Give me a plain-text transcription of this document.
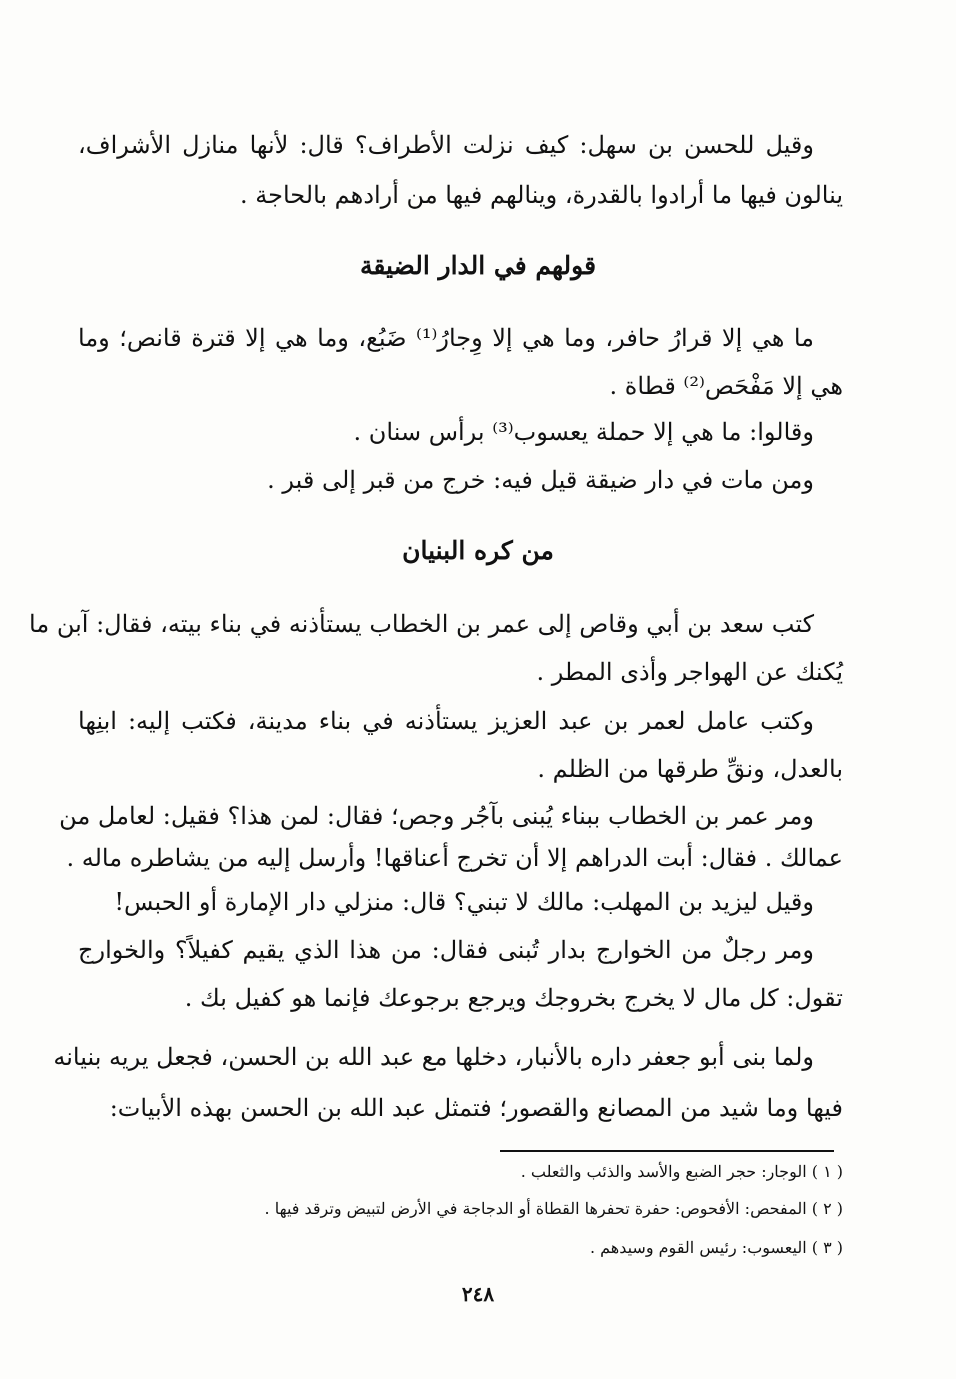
وقيل للحسن بن سهل: كيف نزلت الأطراف؟ قال: لأنها منازل الأشراف،
ينالون فيها ما أرادوا بالقدرة، وينالهم فيها من أرادهم بالحاجة .
قولهم في الدار الضيقة
ما هي إلا قرارُ حافر، وما هي إلا وِجارُ⁽¹⁾ ضَبُع، وما هي إلا قترة قانص؛ وما
هي إلا مَفْحَص⁽²⁾ قطاة .
وقالوا: ما هي إلا حملة يعسوب⁽³⁾ برأس سنان .
ومن مات في دار ضيقة قيل فيه: خرج من قبر إلى قبر .
من كره البنيان
كتب سعد بن أبي وقاص إلى عمر بن الخطاب يستأذنه في بناء بيته، فقال: آبن ما
يُكنك عن الهواجر وأذى المطر .
وكتب عامل لعمر بن عبد العزيز يستأذنه في بناء مدينة، فكتب إليه: ابنِها
بالعدل، ونقِّ طرقها من الظلم .
ومر عمر بن الخطاب ببناء يُبنى بآجُر وجص؛ فقال: لمن هذا؟ فقيل: لعامل من
عمالك . فقال: أبت الدراهم إلا أن تخرج أعناقها! وأرسل إليه من يشاطره ماله .
وقيل ليزيد بن المهلب: مالك لا تبني؟ قال: منزلي دار الإمارة أو الحبس!
ومر رجلٌ من الخوارج بدار تُبنى فقال: من هذا الذي يقيم كفيلاً؟ والخوارج
تقول: كل مال لا يخرج بخروجك ويرجع برجوعك فإنما هو كفيل بك .
ولما بنى أبو جعفر داره بالأنبار، دخلها مع عبد الله بن الحسن، فجعل يريه بنيانه
فيها وما شيد من المصانع والقصور؛ فتمثل عبد الله بن الحسن بهذه الأبيات:
( ١ ) الوجار: حجر الضبع والأسد والذئب والثعلب .
( ٢ ) المفحص: الأفحوص: حفرة تحفرها القطاة أو الدجاجة في الأرض لتبيض وترقد فيها .
( ٣ ) اليعسوب: رئيس القوم وسيدهم .
٢٤٨
